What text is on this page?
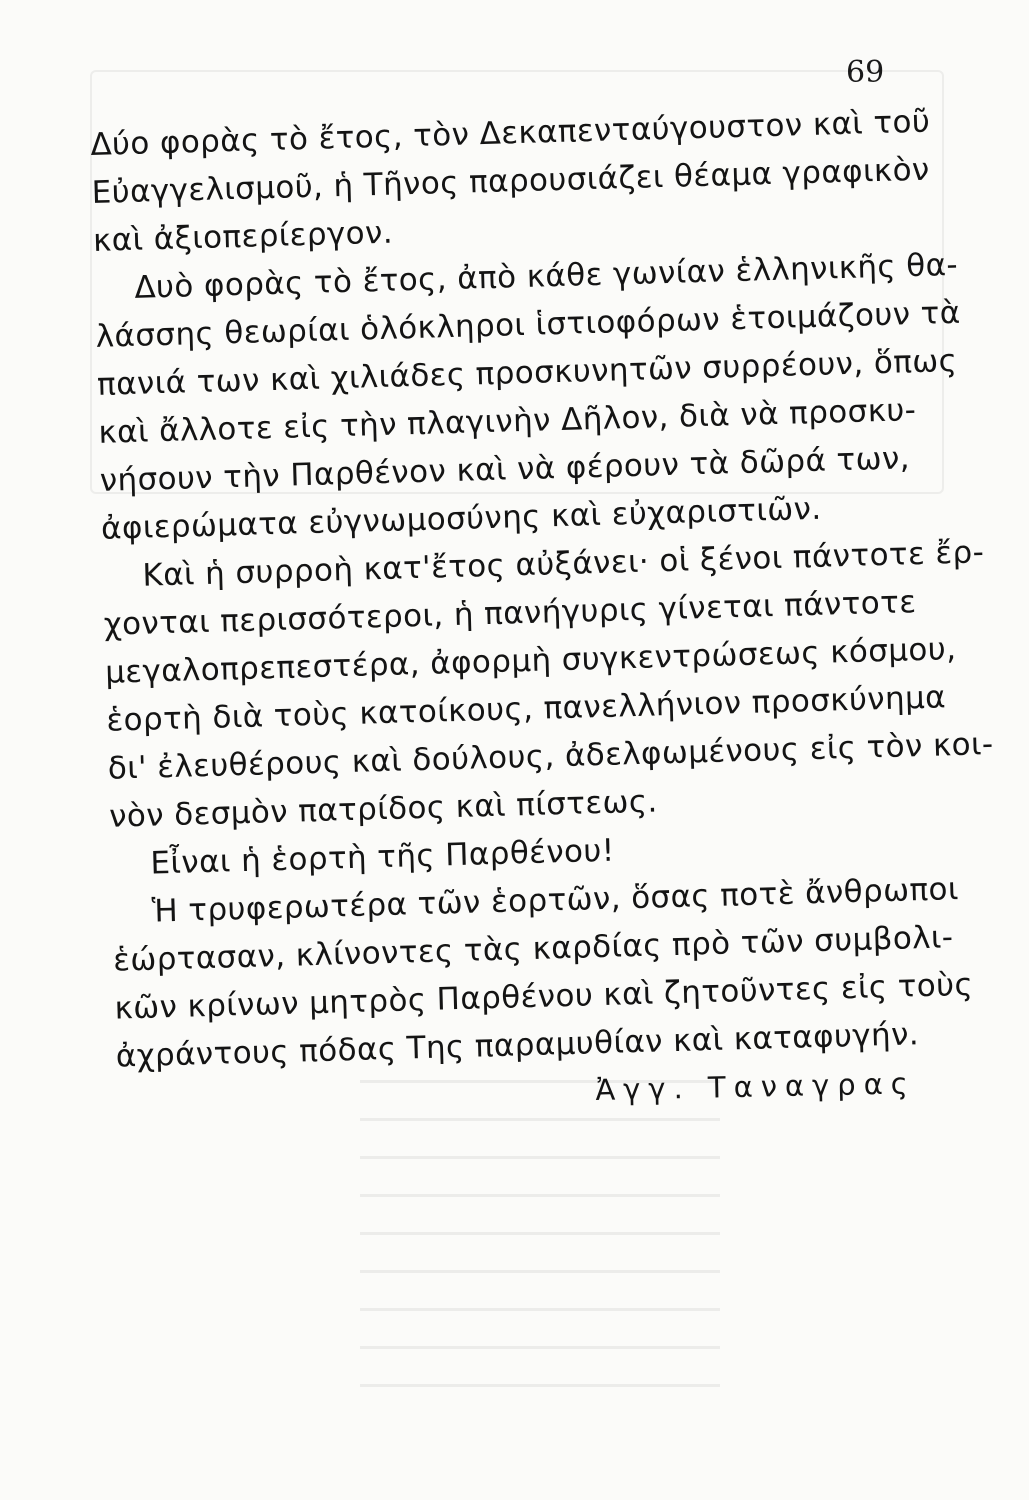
69
Δύο φορὰς τὸ ἔτος, τὸν Δεκαπενταύγουστον καὶ τοῦ
Εὐαγγελισμοῦ, ἡ Τῆνος παρουσιάζει θέαμα γραφικὸν
καὶ ἀξιοπερίεργον.
Δυὸ φορὰς τὸ ἔτος, ἀπὸ κάθε γωνίαν ἑλληνικῆς θα-
λάσσης θεωρίαι ὁλόκληροι ἱστιοφόρων ἑτοιμάζουν τὰ
πανιά των καὶ χιλιάδες προσκυνητῶν συρρέουν, ὅπως
καὶ ἄλλοτε εἰς τὴν πλαγινὴν Δῆλον, διὰ νὰ προσκυ-
νήσουν τὴν Παρθένον καὶ νὰ φέρουν τὰ δῶρά των,
ἀφιερώματα εὐγνωμοσύνης καὶ εὐχαριστιῶν.
Καὶ ἡ συρροὴ κατ'ἔτος αὐξάνει· οἱ ξένοι πάντοτε ἔρ-
χονται περισσότεροι, ἡ πανήγυρις γίνεται πάντοτε
μεγαλοπρεπεστέρα, ἀφορμὴ συγκεντρώσεως κόσμου,
ἑορτὴ διὰ τοὺς κατοίκους, πανελλήνιον προσκύνημα
δι' ἐλευθέρους καὶ δούλους, ἀδελφωμένους εἰς τὸν κοι-
νὸν δεσμὸν πατρίδος καὶ πίστεως.
Εἶναι ἡ ἑορτὴ τῆς Παρθένου!
Ἡ τρυφερωτέρα τῶν ἑορτῶν, ὅσας ποτὲ ἄνθρωποι
ἑώρτασαν, κλίνοντες τὰς καρδίας πρὸ τῶν συμβολι-
κῶν κρίνων μητρὸς Παρθένου καὶ ζητοῦντες εἰς τοὺς
ἀχράντους πόδας Της παραμυθίαν καὶ καταφυγήν.
Ἀγγ. Ταναγρας
